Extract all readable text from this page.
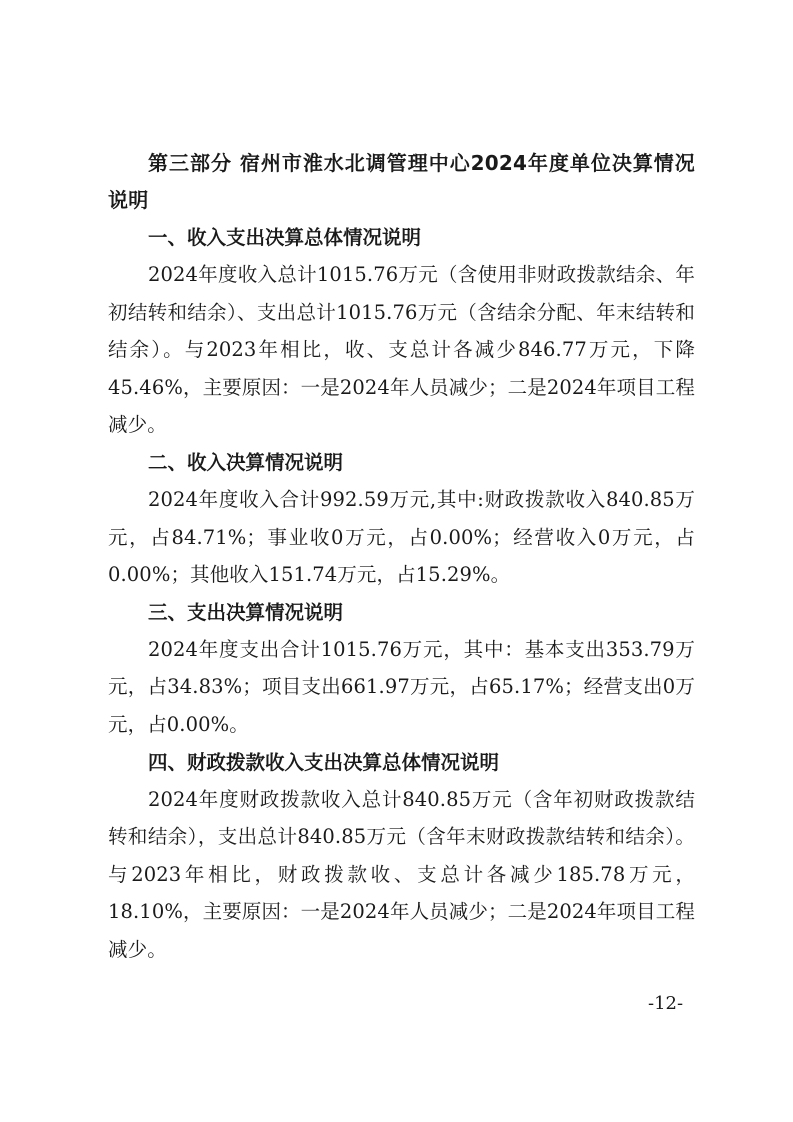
第三部分 宿州市淮水北调管理中心2024年度单位决算情况说明

一、收入支出决算总体情况说明

2024年度收入总计1015.76万元（含使用非财政拨款结余、年初结转和结余）、支出总计1015.76万元（含结余分配、年末结转和结余）。与2023年相比，收、支总计各减少846.77万元，下降45.46%，主要原因：一是2024年人员减少；二是2024年项目工程减少。

二、收入决算情况说明

2024年度收入合计992.59万元,其中:财政拨款收入840.85万元，占84.71%；事业收0万元，占0.00%；经营收入0万元，占0.00%；其他收入151.74万元，占15.29%。

三、支出决算情况说明

2024年度支出合计1015.76万元，其中：基本支出353.79万元，占34.83%；项目支出661.97万元，占65.17%；经营支出0万元，占0.00%。

四、财政拨款收入支出决算总体情况说明

2024年度财政拨款收入总计840.85万元（含年初财政拨款结转和结余），支出总计840.85万元（含年末财政拨款结转和结余）。与2023年相比，财政拨款收、支总计各减少185.78万元，18.10%，主要原因：一是2024年人员减少；二是2024年项目工程减少。

-12-
